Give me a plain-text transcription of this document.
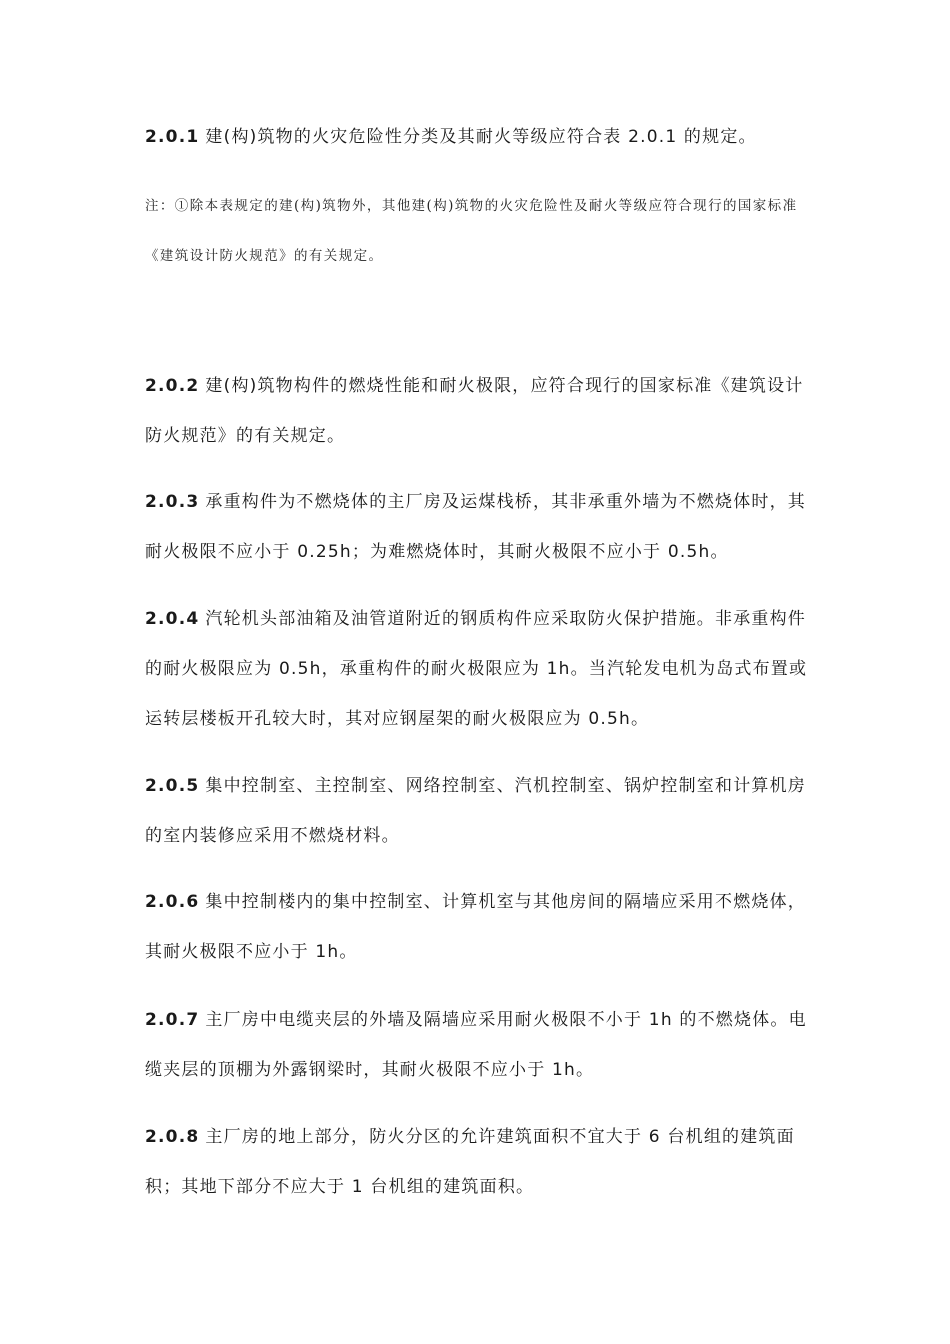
2.0.1 建(构)筑物的火灾危险性分类及其耐火等级应符合表 2.0.1 的规定。

注：①除本表规定的建(构)筑物外，其他建(构)筑物的火灾危险性及耐火等级应符合现行的国家标准《建筑设计防火规范》的有关规定。

2.0.2 建(构)筑物构件的燃烧性能和耐火极限，应符合现行的国家标准《建筑设计防火规范》的有关规定。

2.0.3 承重构件为不燃烧体的主厂房及运煤栈桥，其非承重外墙为不燃烧体时，其耐火极限不应小于 0.25h；为难燃烧体时，其耐火极限不应小于 0.5h。

2.0.4 汽轮机头部油箱及油管道附近的钢质构件应采取防火保护措施。非承重构件的耐火极限应为 0.5h，承重构件的耐火极限应为 1h。当汽轮发电机为岛式布置或运转层楼板开孔较大时，其对应钢屋架的耐火极限应为 0.5h。

2.0.5 集中控制室、主控制室、网络控制室、汽机控制室、锅炉控制室和计算机房的室内装修应采用不燃烧材料。

2.0.6 集中控制楼内的集中控制室、计算机室与其他房间的隔墙应采用不燃烧体，其耐火极限不应小于 1h。

2.0.7 主厂房中电缆夹层的外墙及隔墙应采用耐火极限不小于 1h 的不燃烧体。电缆夹层的顶棚为外露钢梁时，其耐火极限不应小于 1h。

2.0.8 主厂房的地上部分，防火分区的允许建筑面积不宜大于 6 台机组的建筑面积；其地下部分不应大于 1 台机组的建筑面积。
